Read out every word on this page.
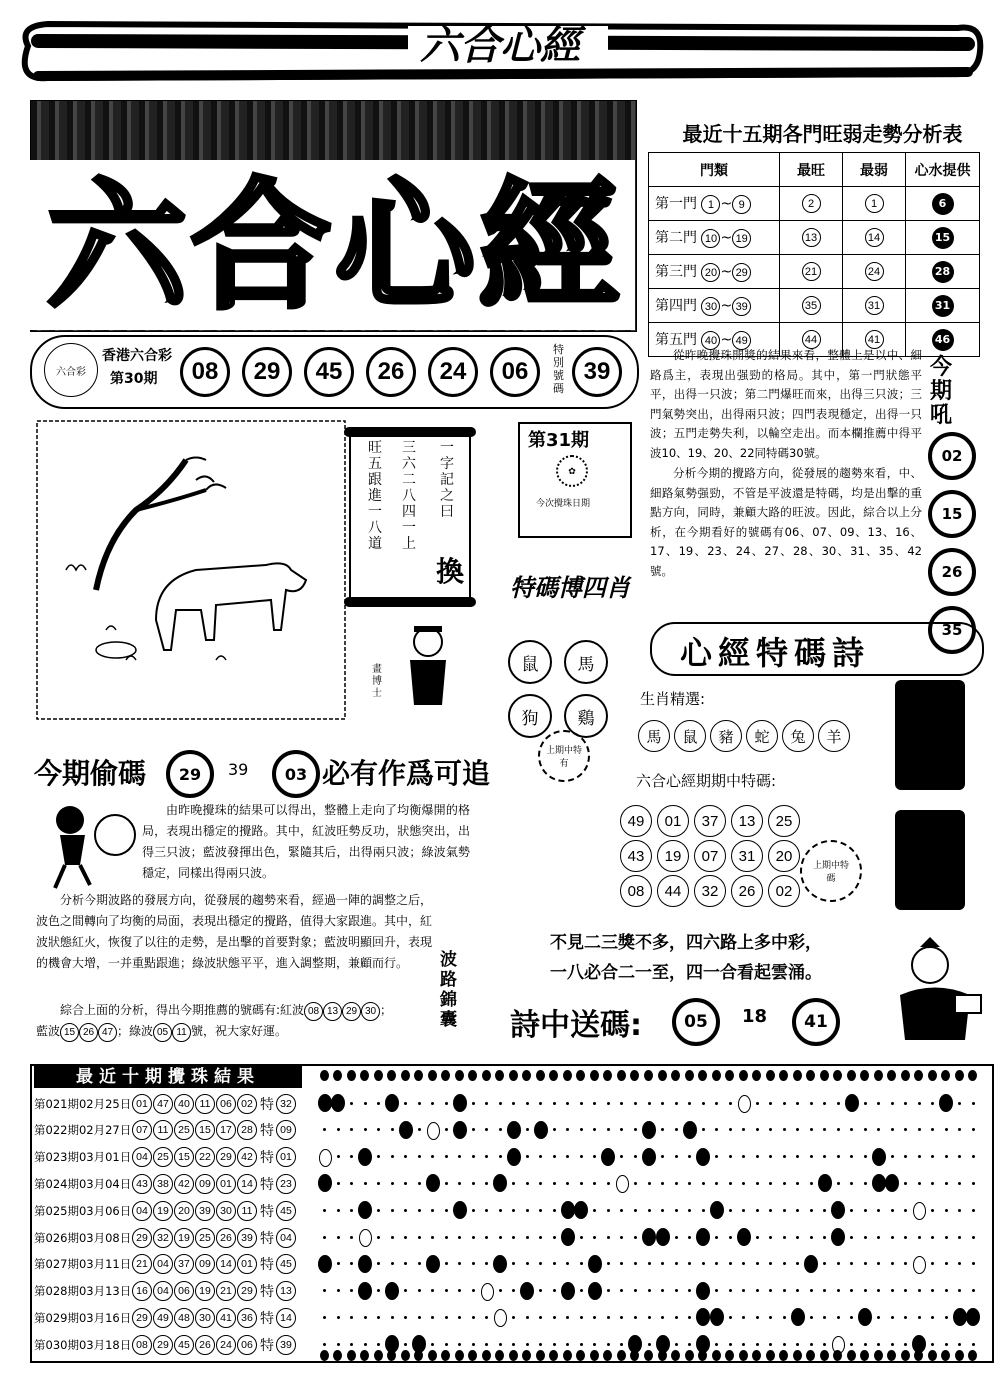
六合心經
六合心經
六合彩
香港六合彩
第30期	08	29	45	26	24	06
特別號碼
39
最近十五期各門旺弱走勢分析表
門類	最旺	最弱	心水提供
第一門 1 ~ 9	2	1	6
第二門 10 ~ 19	13	14	15
第三門 20 ~ 29	21	24	28
第四門 30 ~ 39	35	31	31
第五門 40 ~ 49	44	41	46
從昨晚攪珠開獎的結果來看，整體上是以中、細路爲主，表現出强勁的格局。其中，第一門狀態平平，出得一只波；第二門爆旺而來，出得三只波；三門氣勢突出，出得兩只波；四門表現穩定，出得一只波；五門走勢失利，以輪空走出。而本欄推薦中得平波10、19、20、22同特碼30號。
分析今期的攪路方向，從發展的趨勢來看，中、細路氣勢强勁，不管是平波還是特碼，均是出擊的重點方向，同時，兼顧大路的旺波。因此，綜合以上分析，在今期看好的號碼有06、07、09、13、16、17、19、23、24、27、28、30、31、35、42號。
今期吼
02
15
26
35
一字記之曰
三六二八四一上
旺五跟進一八道
換
畫博士
第31期
✿
今次攪珠日期
特碼博四肖
鼠	馬
狗	鷄
上期中特有
心經特碼詩
生肖精選:
馬	鼠	豬	蛇	兔	羊
六合心經期期中特碼:
49	01	37	13	25
43	19	07	31	20
08	44	32	26	02
上期中特碼
不見二三獎不多，四六路上多中彩，
一八必合二一至，四一合看起雲涌。
詩中送碼:	05	18	41
今期偷碼	29	39	03 必有作爲可追
由昨晚攪珠的結果可以得出，整體上走向了均衡爆開的格局，表現出穩定的攪路。其中，紅波旺勢反功，狀態突出，出得三只波；藍波發揮出色，緊隨其后，出得兩只波；綠波氣勢穩定，同樣出得兩只波。
分析今期波路的發展方向，從發展的趨勢來看，經過一陣的調整之后，波色之間轉向了均衡的局面，表現出穩定的攪路，值得大家跟進。其中，紅波狀態紅火，恢復了以往的走勢，是出擊的首要對象；藍波明顯回升，表現的機會大增，一并重點跟進；綠波狀態平平，進入調整期，兼顧而行。
綜合上面的分析，得出今期推薦的號碼有:紅波 08 13 29 30 ；
藍波 15 26 47 ；綠波 05 11 號，祝大家好運。
波路錦囊
最近十期攪珠結果
第021期02月25日 01 47 40 11 06 02 特 32
第022期02月27日 07 11 25 15 17 28 特 09
第023期03月01日 04 25 15 22 29 42 特 01
第024期03月04日 43 38 42 09 01 14 特 23
第025期03月06日 04 19 20 39 30 11 特 45
第026期03月08日 29 32 19 25 26 39 特 04
第027期03月11日 21 04 37 09 14 01 特 45
第028期03月13日 16 04 06 19 21 29 特 13
第029期03月16日 29 49 48 30 41 36 特 14
第030期03月18日 08 29 45 26 24 06 特 39
